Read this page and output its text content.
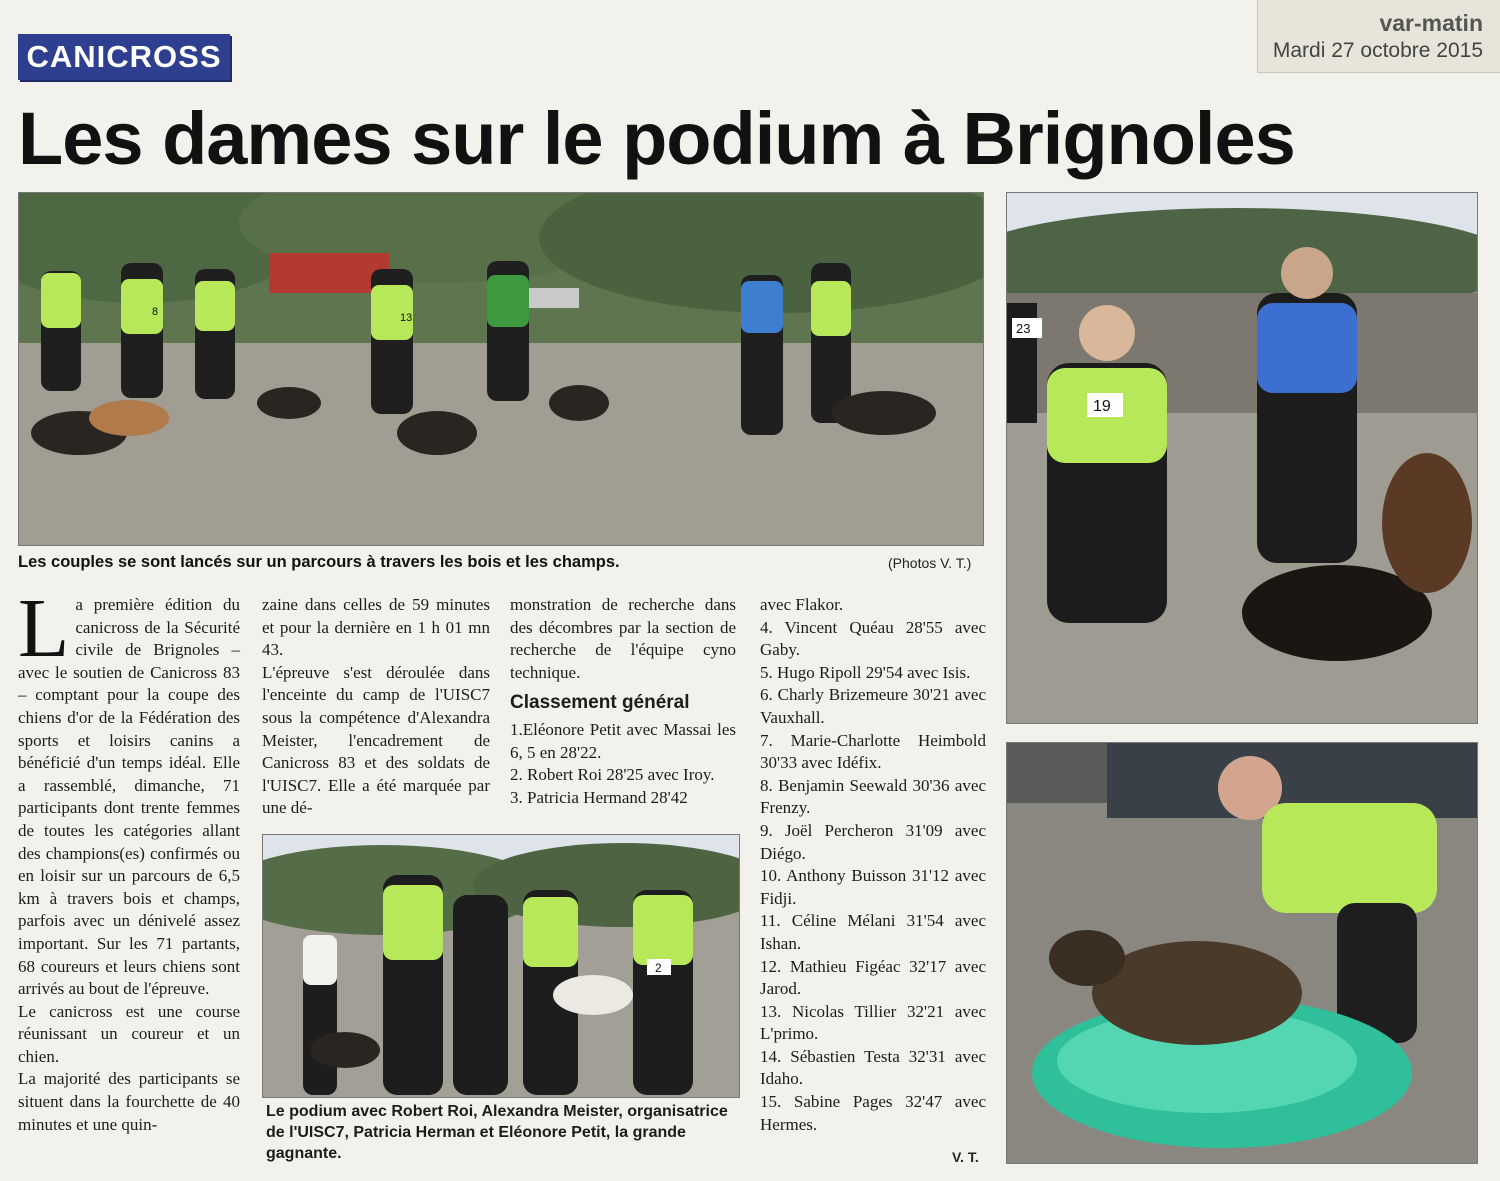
CANICROSS
var-matin
Mardi 27 octobre 2015
Les dames sur le podium à Brignoles
8	13
Les couples se sont lancés sur un parcours à travers les bois et les champs.	(Photos V. T.)
19
23

La première édition du canicross de la Sécurité civile de Brignoles – avec le soutien de Canicross 83 – comptant pour la coupe des chiens d'or de la Fédération des sports et loisirs canins a bénéficié d'un temps idéal. Elle a rassemblé, dimanche, 71 participants dont trente femmes de toutes les catégories allant des champions(es) confirmés ou en loisir sur un parcours de 6,5 km à travers bois et champs, parfois avec un dénivelé assez important. Sur les 71 partants, 68 coureurs et leurs chiens sont arrivés au bout de l'épreuve.

Le canicross est une course réunissant un coureur et un chien.

La majorité des participants se situent dans la fourchette de 40 minutes et une quin-

zaine dans celles de 59 minutes et pour la dernière en 1 h 01 mn 43.

L'épreuve s'est déroulée dans l'enceinte du camp de l'UISC7 sous la compétence d'Alexandra Meister, l'encadrement de Canicross 83 et des soldats de l'UISC7. Elle a été marquée par une dé-

monstration de recherche dans des décombres par la section de recherche de l'équipe cyno technique.

Classement général

1.Eléonore Petit avec Massai les 6, 5 en 28'22.

2. Robert Roi 28'25 avec Iroy.

3. Patricia Hermand 28'42

2
Le podium avec Robert Roi, Alexandra Meister, organisatrice de l'UISC7, Patricia Herman et Eléonore Petit, la grande gagnante.

avec Flakor.

4. Vincent Quéau 28'55 avec Gaby.

5. Hugo Ripoll 29'54 avec Isis.

6. Charly Brizemeure 30'21 avec Vauxhall.

7. Marie-Charlotte Heimbold 30'33 avec Idéfix.

8. Benjamin Seewald 30'36 avec Frenzy.

9. Joël Percheron 31'09 avec Diégo.

10. Anthony Buisson 31'12 avec Fidji.

11. Céline Mélani 31'54 avec Ishan.

12. Mathieu Figéac 32'17 avec Jarod.

13. Nicolas Tillier 32'21 avec L'primo.

14. Sébastien Testa 32'31 avec Idaho.

15. Sabine Pages 32'47 avec Hermes.

V. T.
